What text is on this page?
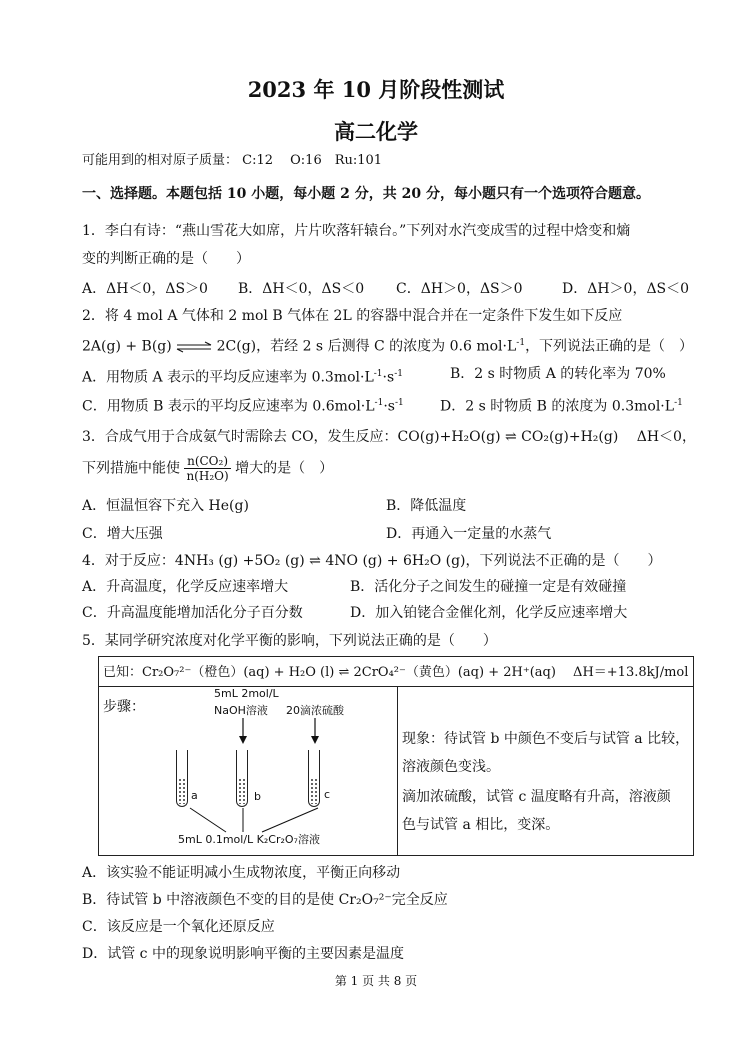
2023 年 10 月阶段性测试
高二化学
可能用到的相对原子质量： C:12　 O:16　Ru:101
一、选择题。本题包括 10 小题，每小题 2 分，共 20 分，每小题只有一个选项符合题意。
1．李白有诗：“燕山雪花大如席，片片吹落轩辕台。”下列对水汽变成雪的过程中焓变和熵
变的判断正确的是（　　）
A．ΔH＜0，ΔS＞0 B．ΔH＜0，ΔS＜0 C．ΔH＞0，ΔS＞0	D．ΔH＞0，ΔS＜0
2．将 4 mol A 气体和 2 mol B 气体在 2L 的容器中混合并在一定条件下发生如下反应
2A(g) + B(g) ⇌ 2C(g)，若经 2 s 后测得 C 的浓度为 0.6 $mol\cdot L^{-1}$，下列说法正确的是（　）
A．用物质 A 表示的平均反应速率为 $0.3mol\cdot L^{-1}\cdot s^{-1}$	B．2 s 时物质 A 的转化率为 70%
C．用物质 B 表示的平均反应速率为 $0.6mol\cdot L^{-1}\cdot s^{-1}$	D．2 s 时物质 B 的浓度为 $0.3mol\cdot L^{-1}$
3．合成气用于合成氨气时需除去 CO，发生反应：CO(g)+H₂O(g) ⇌ CO₂(g)+H₂(g)　 ΔH＜0，
下列措施中能使 $\frac{\text{n(CO₂)}}{\text{n(H₂O)}}$ 增大的是（　）
A．恒温恒容下充入 He(g)	B．降低温度
C．增大压强	D．再通入一定量的水蒸气
4．对于反应：4NH₃ (g) +5O₂ (g) ⇌ 4NO (g) + 6H₂O (g)，下列说法不正确的是（　　）
A．升高温度，化学反应速率增大	B．活化分子之间发生的碰撞一定是有效碰撞
C．升高温度能增加活化分子百分数	D．加入铂铑合金催化剂，化学反应速率增大
5．某同学研究浓度对化学平衡的影响，下列说法正确的是（　　）
已知：Cr₂O₇²⁻（橙色）(aq) + H₂O (l) ⇌ 2CrO₄²⁻（黄色）(aq) + 2H⁺(aq)　 ΔH＝+13.8kJ/mol
步骤：
5mL 2mol/L
NaOH溶液 20滴浓硫酸
a	b	c
5mL 0.1mol/L K₂Cr₂O₇溶液
现象：待试管 b 中颜色不变后与试管 a 比较，
溶液颜色变浅。
滴加浓硫酸，试管 c 温度略有升高，溶液颜
色与试管 a 相比，变深。
A．该实验不能证明减小生成物浓度，平衡正向移动
B．待试管 b 中溶液颜色不变的目的是使 Cr₂O₇²⁻完全反应
C．该反应是一个氧化还原反应
D．试管 c 中的现象说明影响平衡的主要因素是温度
第 1 页 共 8 页
